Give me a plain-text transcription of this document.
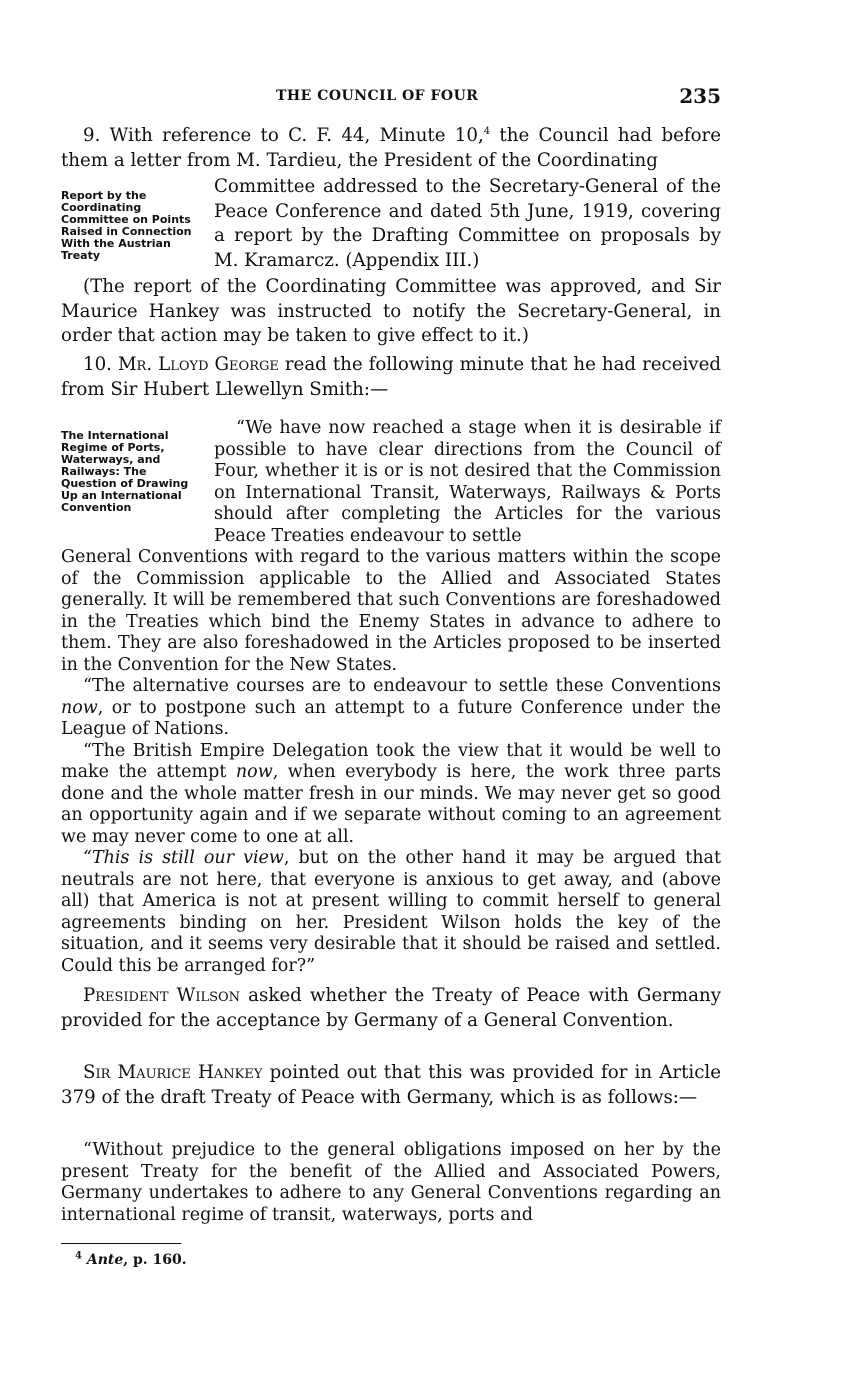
THE COUNCIL OF FOUR	235

9. With reference to C. F. 44, Minute 10,$^4$ the Council had before them a letter from M. Tardieu, the President of the Coordinating

Report by the Coordinating Committee on Points Raised in Connection With the Austrian Treaty

Committee addressed to the Secretary-General of the Peace Conference and dated 5th June, 1919, covering a report by the Drafting Committee on proposals by M. Kramarcz. (Appendix III.)

(The report of the Coordinating Committee was approved, and Sir Maurice Hankey was instructed to notify the Secretary-General, in order that action may be taken to give effect to it.)

10. Mr. Lloyd George read the following minute that he had received from Sir Hubert Llewellyn Smith:—

The International Regime of Ports, Waterways, and Railways: The Question of Drawing Up an International Convention

“We have now reached a stage when it is desirable if possible to have clear directions from the Council of Four, whether it is or is not desired that the Commission on International Transit, Waterways, Railways & Ports should after completing the Articles for the various Peace Treaties endeavour to settle

General Conventions with regard to the various matters within the scope of the Commission applicable to the Allied and Associated States generally. It will be remembered that such Conventions are foreshadowed in the Treaties which bind the Enemy States in advance to adhere to them. They are also foreshadowed in the Articles proposed to be inserted in the Convention for the New States.

“The alternative courses are to endeavour to settle these Conventions now, or to postpone such an attempt to a future Conference under the League of Nations.

“The British Empire Delegation took the view that it would be well to make the attempt now, when everybody is here, the work three parts done and the whole matter fresh in our minds. We may never get so good an opportunity again and if we separate without coming to an agreement we may never come to one at all.

“This is still our view, but on the other hand it may be argued that neutrals are not here, that everyone is anxious to get away, and (above all) that America is not at present willing to commit herself to general agreements binding on her. President Wilson holds the key of the situation, and it seems very desirable that it should be raised and settled. Could this be arranged for?”

President Wilson asked whether the Treaty of Peace with Germany provided for the acceptance by Germany of a General Convention.

Sir Maurice Hankey pointed out that this was provided for in Article 379 of the draft Treaty of Peace with Germany, which is as follows:—

“Without prejudice to the general obligations imposed on her by the present Treaty for the benefit of the Allied and Associated Powers, Germany undertakes to adhere to any General Conventions regarding an international regime of transit, waterways, ports and

$^4$ Ante, p. 160.
